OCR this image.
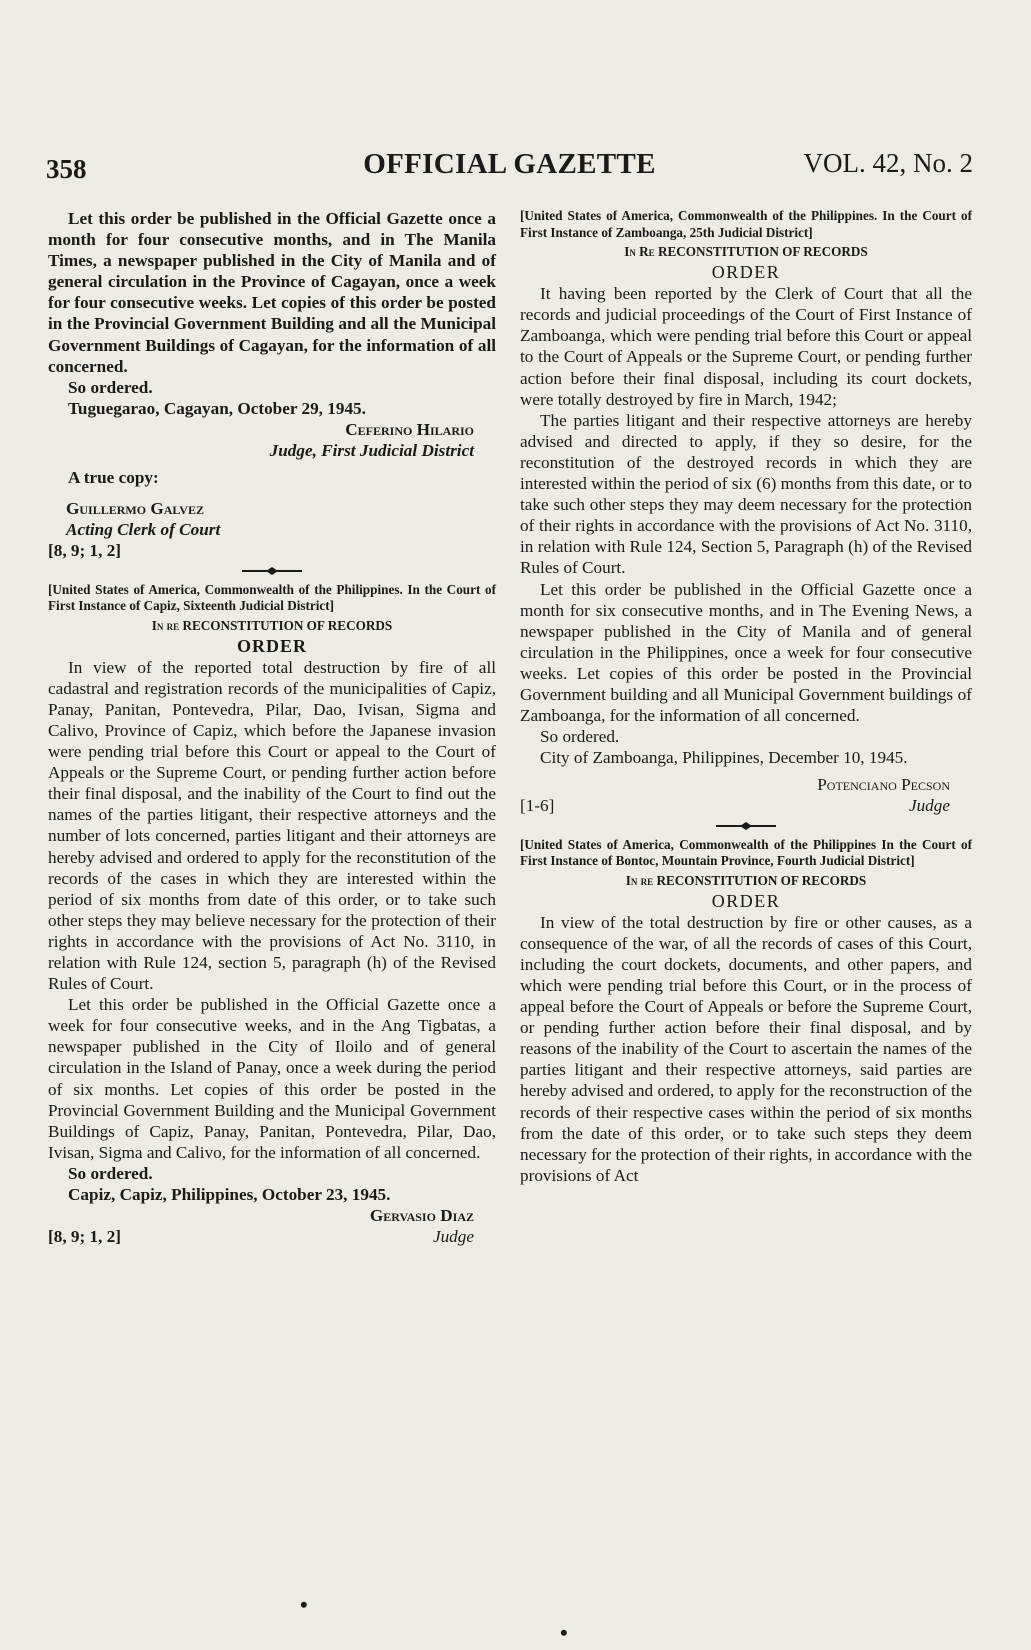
358	OFFICIAL GAZETTE	VOL. 42, No. 2

Let this order be published in the Official Gazette once a month for four consecutive months, and in The Manila Times, a newspaper published in the City of Manila and of general circulation in the Province of Cagayan, once a week for four consecutive weeks. Let copies of this order be posted in the Provincial Government Building and all the Municipal Government Buildings of Cagayan, for the information of all concerned.

So ordered.

Tuguegarao, Cagayan, October 29, 1945.

Ceferino Hilario

Judge, First Judicial District

A true copy:

Guillermo Galvez

Acting Clerk of Court

[8, 9; 1, 2]

[United States of America, Commonwealth of the Philippines. In the Court of First Instance of Capiz, Sixteenth Judicial District]

In re RECONSTITUTION OF RECORDS

ORDER

In view of the reported total destruction by fire of all cadastral and registration records of the municipalities of Capiz, Panay, Panitan, Pontevedra, Pilar, Dao, Ivisan, Sigma and Calivo, Province of Capiz, which before the Japanese invasion were pending trial before this Court or appeal to the Court of Appeals or the Supreme Court, or pending further action before their final disposal, and the inability of the Court to find out the names of the parties litigant, their respective attorneys and the number of lots concerned, parties litigant and their attorneys are hereby advised and ordered to apply for the reconstitution of the records of the cases in which they are interested within the period of six months from date of this order, or to take such other steps they may believe necessary for the protection of their rights in accordance with the provisions of Act No. 3110, in relation with Rule 124, section 5, paragraph (h) of the Revised Rules of Court.

Let this order be published in the Official Gazette once a week for four consecutive weeks, and in the Ang Tigbatas, a newspaper published in the City of Iloilo and of general circulation in the Island of Panay, once a week during the period of six months. Let copies of this order be posted in the Provincial Government Building and the Municipal Government Buildings of Capiz, Panay, Panitan, Pontevedra, Pilar, Dao, Ivisan, Sigma and Calivo, for the information of all concerned.

So ordered.

Capiz, Capiz, Philippines, October 23, 1945.

Gervasio Diaz

[8, 9; 1, 2]	Judge

[United States of America, Commonwealth of the Philippines. In the Court of First Instance of Zamboanga, 25th Judicial District]

In Re RECONSTITUTION OF RECORDS

ORDER

It having been reported by the Clerk of Court that all the records and judicial proceedings of the Court of First Instance of Zamboanga, which were pending trial before this Court or appeal to the Court of Appeals or the Supreme Court, or pending further action before their final disposal, including its court dockets, were totally destroyed by fire in March, 1942;

The parties litigant and their respective attorneys are hereby advised and directed to apply, if they so desire, for the reconstitution of the destroyed records in which they are interested within the period of six (6) months from this date, or to take such other steps they may deem necessary for the protection of their rights in accordance with the provisions of Act No. 3110, in relation with Rule 124, Section 5, Paragraph (h) of the Revised Rules of Court.

Let this order be published in the Official Gazette once a month for six consecutive months, and in The Evening News, a newspaper published in the City of Manila and of general circulation in the Philippines, once a week for four consecutive weeks. Let copies of this order be posted in the Provincial Government building and all Municipal Government buildings of Zamboanga, for the information of all concerned.

So ordered.

City of Zamboanga, Philippines, December 10, 1945.

Potenciano Pecson

[1-6]	Judge

[United States of America, Commonwealth of the Philippines In the Court of First Instance of Bontoc, Mountain Province, Fourth Judicial District]

In re RECONSTITUTION OF RECORDS

ORDER

In view of the total destruction by fire or other causes, as a consequence of the war, of all the records of cases of this Court, including the court dockets, documents, and other papers, and which were pending trial before this Court, or in the process of appeal before the Court of Appeals or before the Supreme Court, or pending further action before their final disposal, and by reasons of the inability of the Court to ascertain the names of the parties litigant and their respective attorneys, said parties are hereby advised and ordered, to apply for the reconstruction of the records of their respective cases within the period of six months from the date of this order, or to take such steps they deem necessary for the protection of their rights, in accordance with the provisions of Act

•
•
